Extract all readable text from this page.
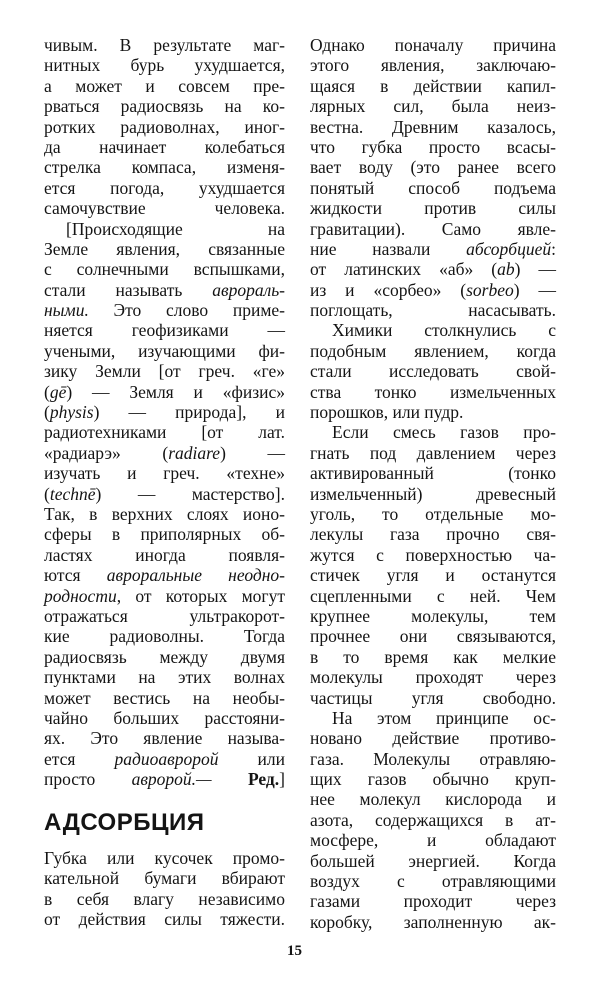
чивым. В результате маг-
нитных бурь ухудшается,
а может и совсем пре-
рваться радиосвязь на ко-
ротких радиоволнах, иног-
да начинает колебаться
стрелка компаса, изменя-
ется погода, ухудшается
самочувствие человека.
[Происходящие на
Земле явления, связанные
с солнечными вспышками,
стали называть аврораль-
ными. Это слово приме-
няется геофизиками —
учеными, изучающими фи-
зику Земли [от греч. «ге»
(gē) — Земля и «физис»
(physis) — природа], и
радиотехниками [от лат.
«радиарэ» (radiare) —
изучать и греч. «техне»
(technē) — мастерство].
Так, в верхних слоях ионо-
сферы в приполярных об-
ластях иногда появля-
ются авроральные неодно-
родности, от которых могут
отражаться ультракорот-
кие радиоволны. Тогда
радиосвязь между двумя
пунктами на этих волнах
может вестись на необы-
чайно больших расстояни-
ях. Это явление называ-
ется радиоавророй или
просто авророй.— Ред.]
АДСОРБЦИЯ
Губка или кусочек промо-
кательной бумаги вбирают
в себя влагу независимо
от действия силы тяжести.
Однако поначалу причина
этого явления, заключаю-
щаяся в действии капил-
лярных сил, была неиз-
вестна. Древним казалось,
что губка просто всасы-
вает воду (это ранее всего
понятый способ подъема
жидкости против силы
гравитации). Само явле-
ние назвали абсорбцией:
от латинских «аб» (ab) —
из и «сорбео» (sorbeo) —
поглощать, насасывать.
Химики столкнулись с
подобным явлением, когда
стали исследовать свой-
ства тонко измельченных
порошков, или пудр.
Если смесь газов про-
гнать под давлением через
активированный (тонко
измельченный) древесный
уголь, то отдельные мо-
лекулы газа прочно свя-
жутся с поверхностью ча-
стичек угля и останутся
сцепленными с ней. Чем
крупнее молекулы, тем
прочнее они связываются,
в то время как мелкие
молекулы проходят через
частицы угля свободно.
На этом принципе ос-
новано действие противо-
газа. Молекулы отравляю-
щих газов обычно круп-
нее молекул кислорода и
азота, содержащихся в ат-
мосфере, и обладают
большей энергией. Когда
воздух с отравляющими
газами проходит через
коробку, заполненную ак-
15
